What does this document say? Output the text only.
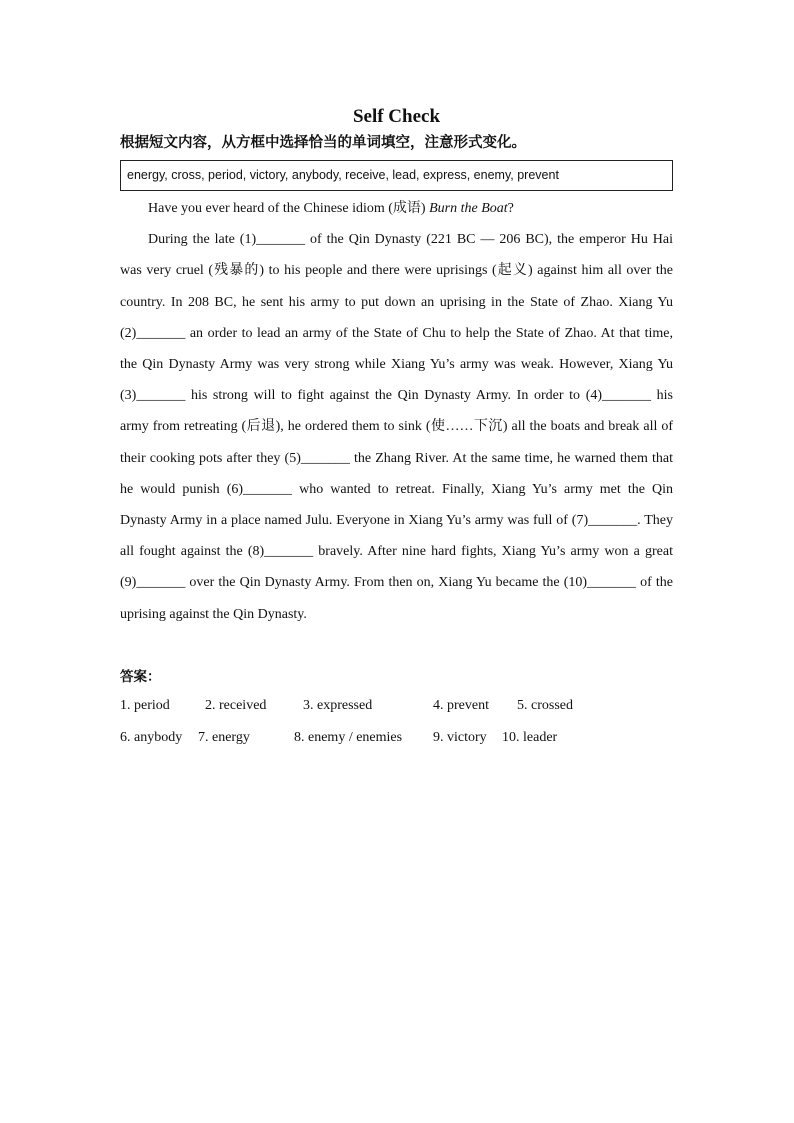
Self Check
根据短文内容，从方框中选择恰当的单词填空，注意形式变化。
energy, cross, period, victory, anybody, receive, lead, express, enemy, prevent

Have you ever heard of the Chinese idiom (成语) Burn the Boat?

During the late (1)_______ of the Qin Dynasty (221 BC — 206 BC), the emperor Hu Hai was very cruel (残暴的) to his people and there were uprisings (起义) against him all over the country. In 208 BC, he sent his army to put down an uprising in the State of Zhao. Xiang Yu (2)_______ an order to lead an army of the State of Chu to help the State of Zhao. At that time, the Qin Dynasty Army was very strong while Xiang Yu’s army was weak. However, Xiang Yu (3)_______ his strong will to fight against the Qin Dynasty Army. In order to (4)_______ his army from retreating (后退), he ordered them to sink (使……下沉) all the boats and break all of their cooking pots after they (5)_______ the Zhang River. At the same time, he warned them that he would punish (6)_______ who wanted to retreat. Finally, Xiang Yu’s army met the Qin Dynasty Army in a place named Julu. Everyone in Xiang Yu’s army was full of (7)_______. They all fought against the (8)_______ bravely. After nine hard fights, Xiang Yu’s army won a great (9)_______ over the Qin Dynasty Army. From then on, Xiang Yu became the (10)_______ of the uprising against the Qin Dynasty.

答案：
1. period	2. received	3. expressed	4. prevent 5. crossed
6. anybody 7. energy	8. enemy / enemies 9. victory 10. leader
